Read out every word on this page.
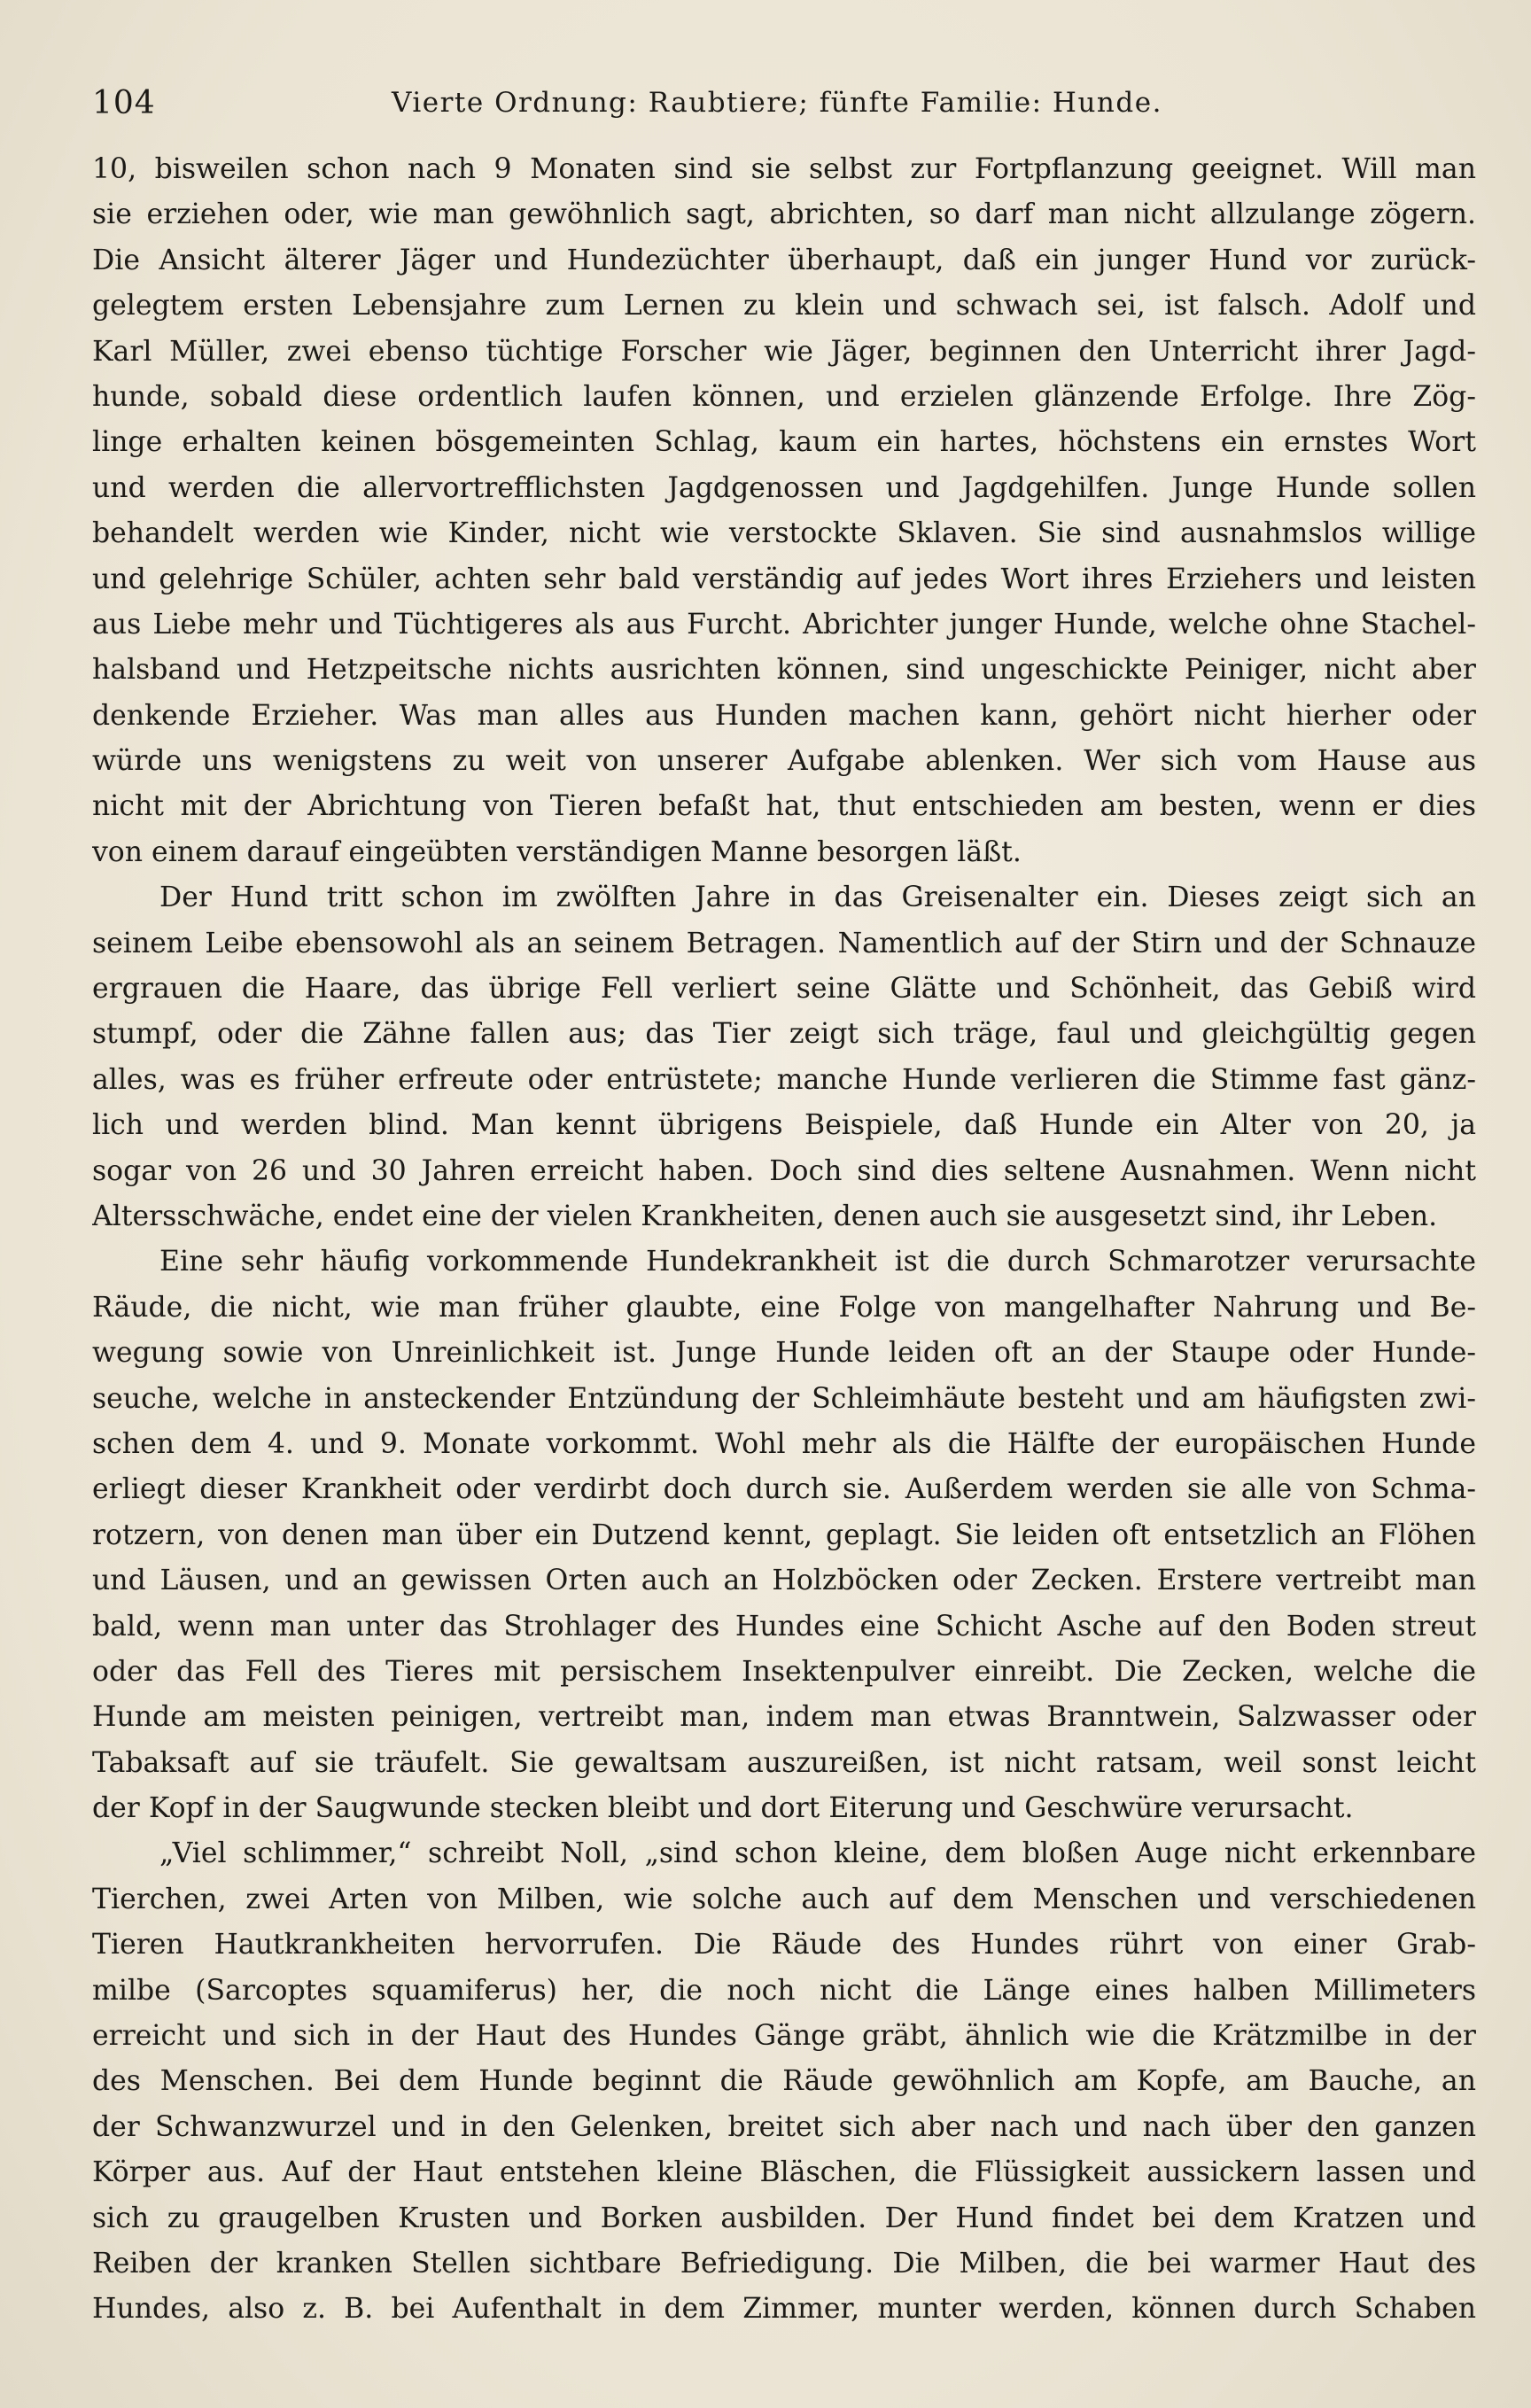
104	Vierte Ordnung: Raubtiere; fünfte Familie: Hunde.
10, bisweilen schon nach 9 Monaten sind sie selbst zur Fortpflanzung geeignet. Will man
sie erziehen oder, wie man gewöhnlich sagt, abrichten, so darf man nicht allzulange zögern.
Die Ansicht älterer Jäger und Hundezüchter überhaupt, daß ein junger Hund vor zurück-
gelegtem ersten Lebensjahre zum Lernen zu klein und schwach sei, ist falsch. Adolf und
Karl Müller, zwei ebenso tüchtige Forscher wie Jäger, beginnen den Unterricht ihrer Jagd-
hunde, sobald diese ordentlich laufen können, und erzielen glänzende Erfolge. Ihre Zög-
linge erhalten keinen bösgemeinten Schlag, kaum ein hartes, höchstens ein ernstes Wort
und werden die allervortrefflichsten Jagdgenossen und Jagdgehilfen. Junge Hunde sollen
behandelt werden wie Kinder, nicht wie verstockte Sklaven. Sie sind ausnahmslos willige
und gelehrige Schüler, achten sehr bald verständig auf jedes Wort ihres Erziehers und leisten
aus Liebe mehr und Tüchtigeres als aus Furcht. Abrichter junger Hunde, welche ohne Stachel-
halsband und Hetzpeitsche nichts ausrichten können, sind ungeschickte Peiniger, nicht aber
denkende Erzieher. Was man alles aus Hunden machen kann, gehört nicht hierher oder
würde uns wenigstens zu weit von unserer Aufgabe ablenken. Wer sich vom Hause aus
nicht mit der Abrichtung von Tieren befaßt hat, thut entschieden am besten, wenn er dies
von einem darauf eingeübten verständigen Manne besorgen läßt.
Der Hund tritt schon im zwölften Jahre in das Greisenalter ein. Dieses zeigt sich an
seinem Leibe ebensowohl als an seinem Betragen. Namentlich auf der Stirn und der Schnauze
ergrauen die Haare, das übrige Fell verliert seine Glätte und Schönheit, das Gebiß wird
stumpf, oder die Zähne fallen aus; das Tier zeigt sich träge, faul und gleichgültig gegen
alles, was es früher erfreute oder entrüstete; manche Hunde verlieren die Stimme fast gänz-
lich und werden blind. Man kennt übrigens Beispiele, daß Hunde ein Alter von 20, ja
sogar von 26 und 30 Jahren erreicht haben. Doch sind dies seltene Ausnahmen. Wenn nicht
Altersschwäche, endet eine der vielen Krankheiten, denen auch sie ausgesetzt sind, ihr Leben.
Eine sehr häufig vorkommende Hundekrankheit ist die durch Schmarotzer verursachte
Räude, die nicht, wie man früher glaubte, eine Folge von mangelhafter Nahrung und Be-
wegung sowie von Unreinlichkeit ist. Junge Hunde leiden oft an der Staupe oder Hunde-
seuche, welche in ansteckender Entzündung der Schleimhäute besteht und am häufigsten zwi-
schen dem 4. und 9. Monate vorkommt. Wohl mehr als die Hälfte der europäischen Hunde
erliegt dieser Krankheit oder verdirbt doch durch sie. Außerdem werden sie alle von Schma-
rotzern, von denen man über ein Dutzend kennt, geplagt. Sie leiden oft entsetzlich an Flöhen
und Läusen, und an gewissen Orten auch an Holzböcken oder Zecken. Erstere vertreibt man
bald, wenn man unter das Strohlager des Hundes eine Schicht Asche auf den Boden streut
oder das Fell des Tieres mit persischem Insektenpulver einreibt. Die Zecken, welche die
Hunde am meisten peinigen, vertreibt man, indem man etwas Branntwein, Salzwasser oder
Tabaksaft auf sie träufelt. Sie gewaltsam auszureißen, ist nicht ratsam, weil sonst leicht
der Kopf in der Saugwunde stecken bleibt und dort Eiterung und Geschwüre verursacht.
„Viel schlimmer,“ schreibt Noll, „sind schon kleine, dem bloßen Auge nicht erkennbare
Tierchen, zwei Arten von Milben, wie solche auch auf dem Menschen und verschiedenen
Tieren Hautkrankheiten hervorrufen. Die Räude des Hundes rührt von einer Grab-
milbe (Sarcoptes squamiferus) her, die noch nicht die Länge eines halben Millimeters
erreicht und sich in der Haut des Hundes Gänge gräbt, ähnlich wie die Krätzmilbe in der
des Menschen. Bei dem Hunde beginnt die Räude gewöhnlich am Kopfe, am Bauche, an
der Schwanzwurzel und in den Gelenken, breitet sich aber nach und nach über den ganzen
Körper aus. Auf der Haut entstehen kleine Bläschen, die Flüssigkeit aussickern lassen und
sich zu graugelben Krusten und Borken ausbilden. Der Hund findet bei dem Kratzen und
Reiben der kranken Stellen sichtbare Befriedigung. Die Milben, die bei warmer Haut des
Hundes, also z. B. bei Aufenthalt in dem Zimmer, munter werden, können durch Schaben
